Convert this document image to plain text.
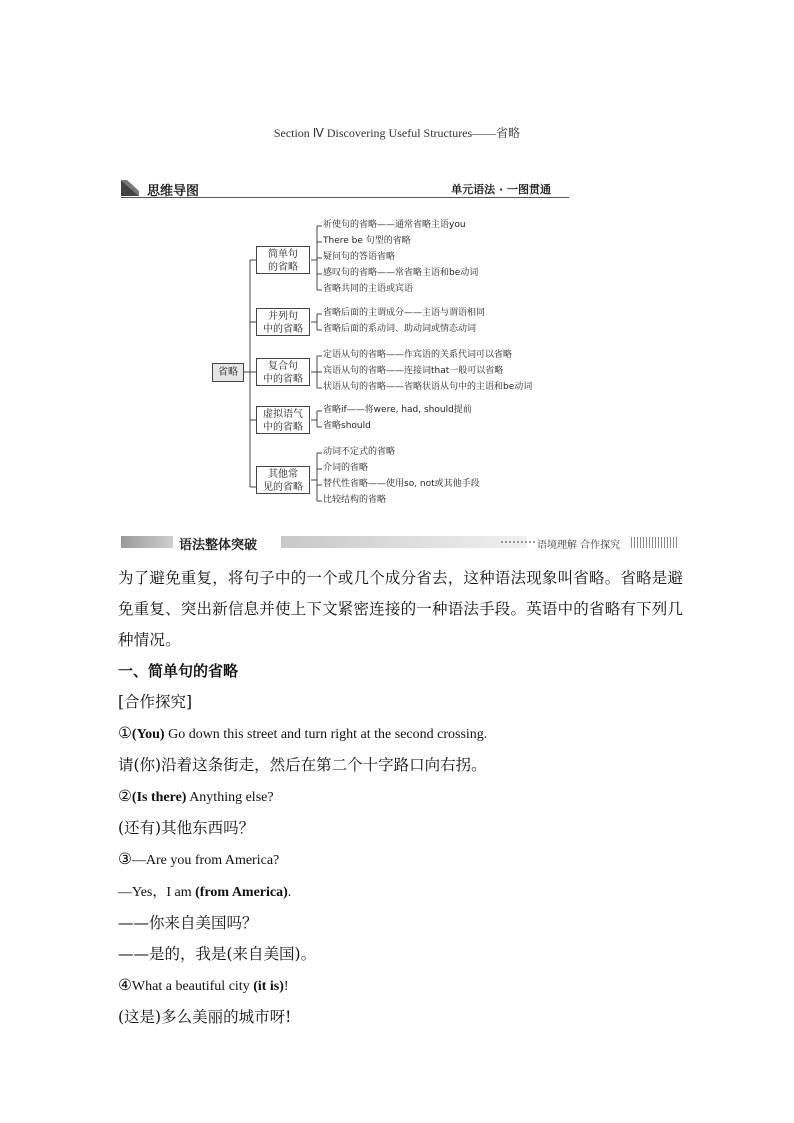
Section Ⅳ Discovering Useful Structures——省略
思维导图	单元语法 · 一图贯通
省略
简单句
的省略
并列句
中的省略
复合句
中的省略
虚拟语气
中的省略
其他常
见的省略
祈使句的省略——通常省略主语you
There be 句型的省略
疑问句的答语省略
感叹句的省略——常省略主语和be动词
省略共同的主语或宾语
省略后面的主谓成分——主语与谓语相同
省略后面的系动词、助动词或情态动词
定语从句的省略——作宾语的关系代词可以省略
宾语从句的省略——连接词that一般可以省略
状语从句的省略——省略状语从句中的主语和be动词
省略if——将were, had, should提前
省略should
动词不定式的省略
介词的省略
替代性省略——使用so, not或其他手段
比较结构的省略
语法整体突破	语境理解 合作探究

为了避免重复，将句子中的一个或几个成分省去，这种语法现象叫省略。省略是避免重复、突出新信息并使上下文紧密连接的一种语法手段。英语中的省略有下列几种情况。

一、简单句的省略

[合作探究]

①(You) Go down this street and turn right at the second crossing.

请(你)沿着这条街走，然后在第二个十字路口向右拐。

②(Is there) Anything else?

(还有)其他东西吗？

③—Are you from America?

—Yes，I am (from America).

——你来自美国吗？

——是的，我是(来自美国)。

④What a beautiful city (it is)!

(这是)多么美丽的城市呀!
